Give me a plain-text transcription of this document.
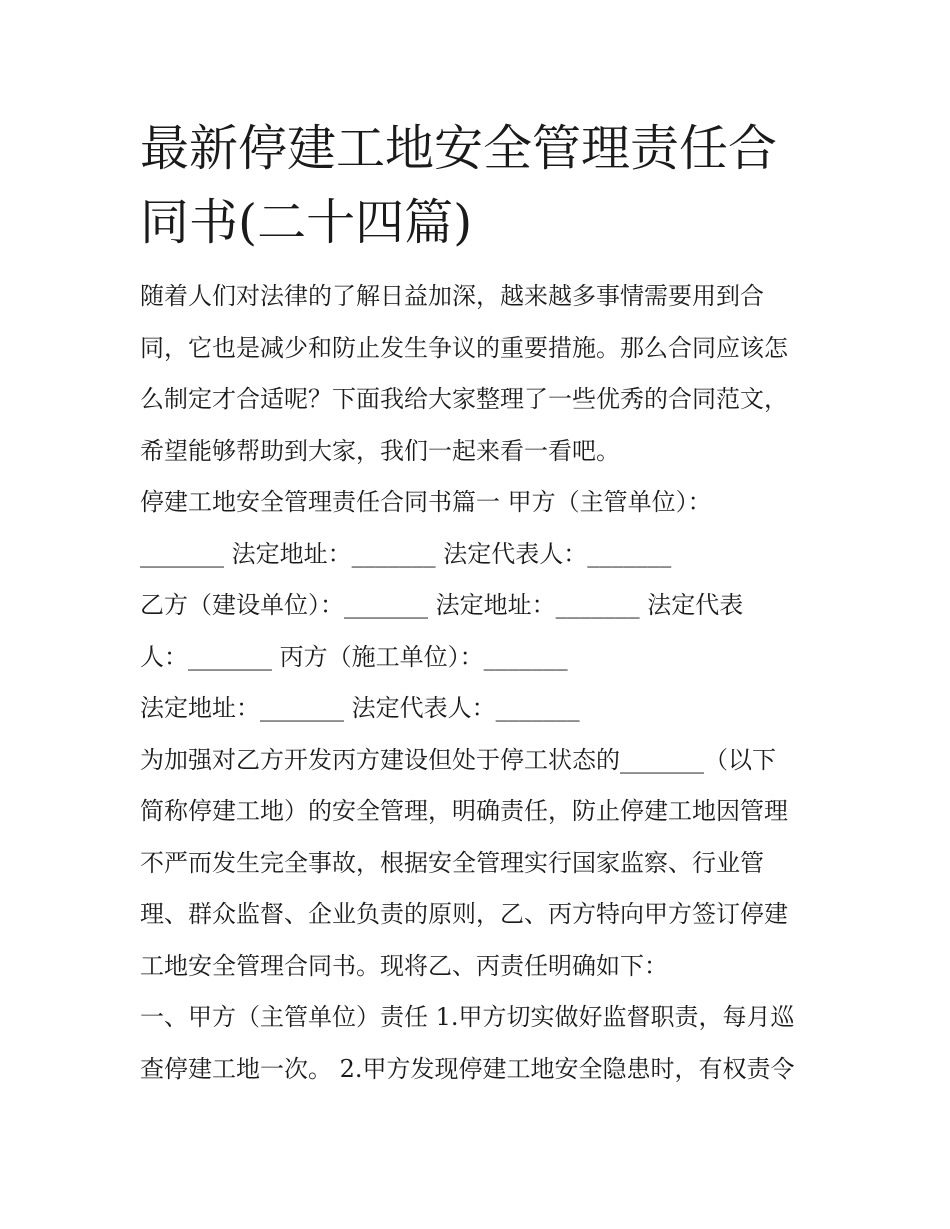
最新停建工地安全管理责任合
同书(二十四篇)
随着人们对法律的了解日益加深，越来越多事情需要用到合
同，它也是减少和防止发生争议的重要措施。那么合同应该怎
么制定才合适呢？下面我给大家整理了一些优秀的合同范文，
希望能够帮助到大家，我们一起来看一看吧。
停建工地安全管理责任合同书篇一 甲方（主管单位）：
_______ 法定地址：_______ 法定代表人：_______
乙方（建设单位）：_______ 法定地址：_______ 法定代表
人：_______ 丙方（施工单位）：_______
法定地址：_______ 法定代表人：_______
为加强对乙方开发丙方建设但处于停工状态的_______（以下
简称停建工地）的安全管理，明确责任，防止停建工地因管理
不严而发生完全事故，根据安全管理实行国家监察、行业管
理、群众监督、企业负责的原则，乙、丙方特向甲方签订停建
工地安全管理合同书。现将乙、丙责任明确如下：
一、甲方（主管单位）责任 1.甲方切实做好监督职责，每月巡
查停建工地一次。 2.甲方发现停建工地安全隐患时，有权责令
